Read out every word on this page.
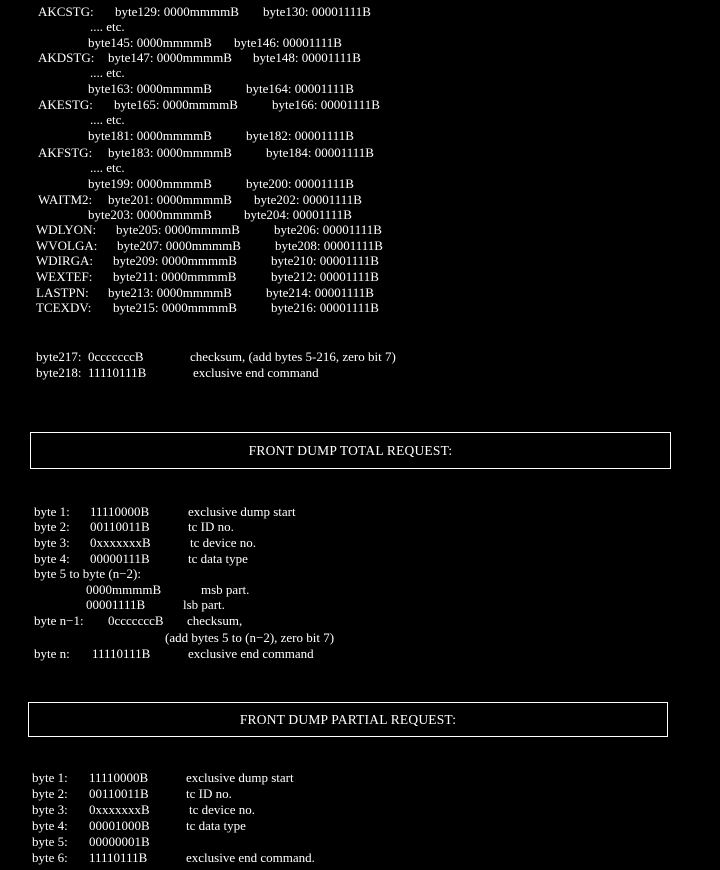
AKCSTG: byte129: 0000mmmmB byte130: 00001111B
.... etc.
byte145: 0000mmmmB byte146: 00001111B
AKDSTG: byte147: 0000mmmmB byte148: 00001111B
.... etc.
byte163: 0000mmmmB	byte164: 00001111B
AKESTG: byte165: 0000mmmmB	byte166: 00001111B
.... etc.
byte181: 0000mmmmB	byte182: 00001111B
AKFSTG: byte183: 0000mmmmB	byte184: 00001111B
.... etc.
byte199: 0000mmmmB	byte200: 00001111B
WAITM2: byte201: 0000mmmmB byte202: 00001111B
byte203: 0000mmmmB byte204: 00001111B
WDLYON: byte205: 0000mmmmB	byte206: 00001111B
WVOLGA: byte207: 0000mmmmB	byte208: 00001111B
WDIRGA: byte209: 0000mmmmB	byte210: 00001111B
WEXTEF: byte211: 0000mmmmB	byte212: 00001111B
LASTPN: byte213: 0000mmmmB	byte214: 00001111B
TCEXDV: byte215: 0000mmmmB	byte216: 00001111B
byte217:  0cccccccB	checksum, (add bytes 5-216, zero bit 7)
byte218:  11110111B	exclusive end command
FRONT DUMP TOTAL REQUEST:
byte 1: 11110000B	exclusive dump start
byte 2: 00110011B	tc ID no.
byte 3: 0xxxxxxxB	tc device no.
byte 4: 00000111B	tc data type
byte 5 to byte (n−2):
0000mmmmB	msb part.
00001111B	lsb part.
byte n−1: 0cccccccB checksum,
(add bytes 5 to (n−2), zero bit 7)
byte n: 11110111B	exclusive end command
FRONT DUMP PARTIAL REQUEST:
byte 1: 11110000B	exclusive dump start
byte 2: 00110011B	tc ID no.
byte 3: 0xxxxxxxB	tc device no.
byte 4: 00001000B	tc data type
byte 5: 00000001B
byte 6: 11110111B	exclusive end command.
